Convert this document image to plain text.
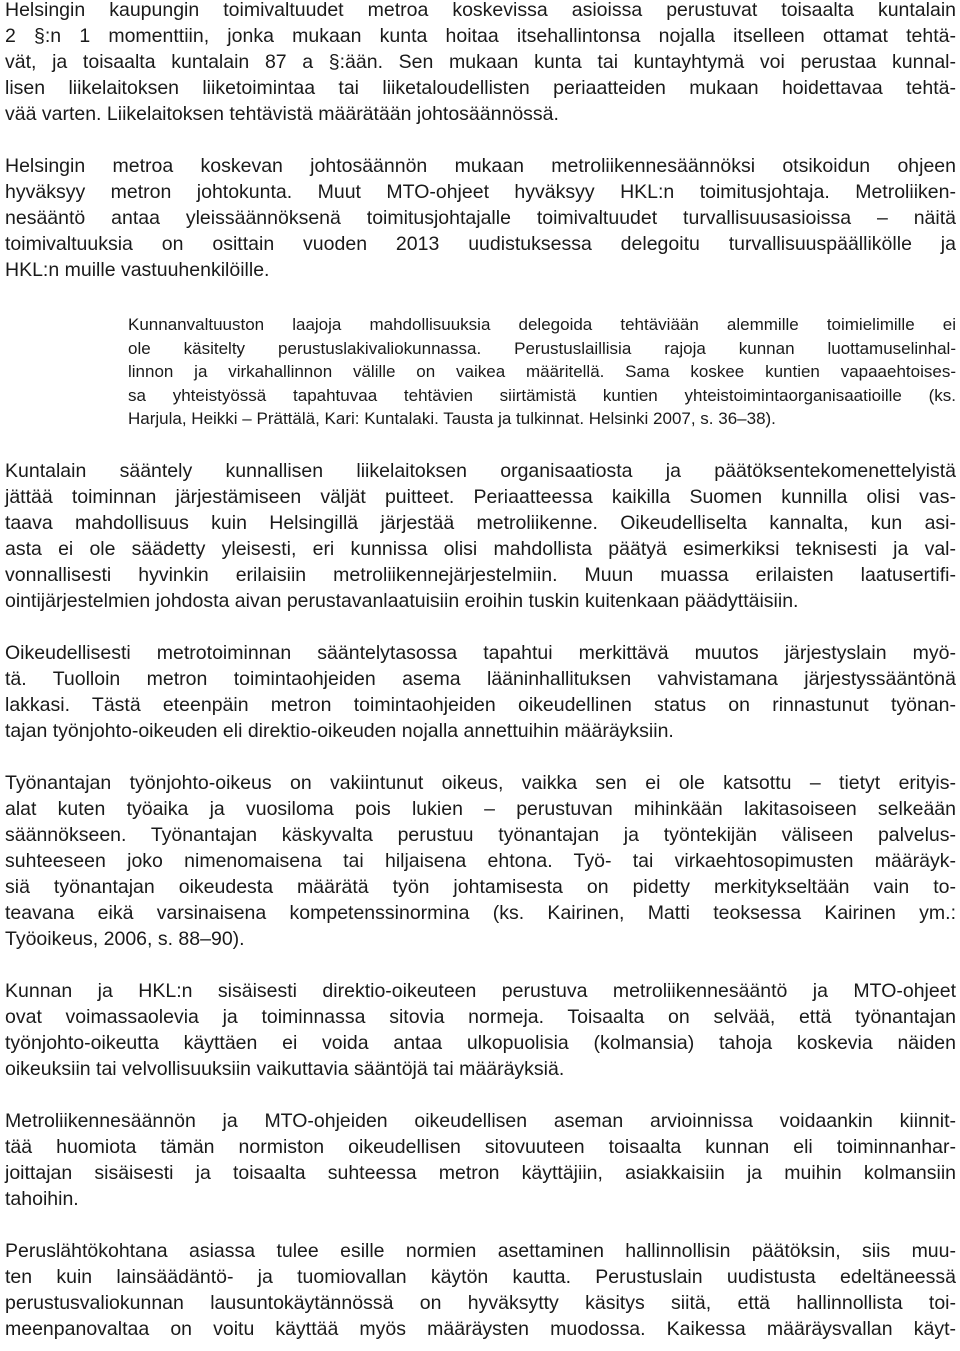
Helsingin kaupungin toimivaltuudet metroa koskevissa asioissa perustuvat toisaalta kuntalain
2 §:n 1 momenttiin, jonka mukaan kunta hoitaa itsehallintonsa nojalla itselleen ottamat tehtä-
vät, ja toisaalta kuntalain 87 a §:ään. Sen mukaan kunta tai kuntayhtymä voi perustaa kunnal-
lisen liikelaitoksen liiketoimintaa tai liiketaloudellisten periaatteiden mukaan hoidettavaa tehtä-
vää varten. Liikelaitoksen tehtävistä määrätään johtosäännössä.

Helsingin metroa koskevan johtosäännön mukaan metroliikennesäännöksi otsikoidun ohjeen
hyväksyy metron johtokunta. Muut MTO-ohjeet hyväksyy HKL:n toimitusjohtaja. Metroliiken-
nesääntö antaa yleissäännöksenä toimitusjohtajalle toimivaltuudet turvallisuusasioissa – näitä
toimivaltuuksia on osittain vuoden 2013 uudistuksessa delegoitu turvallisuuspäällikölle ja
HKL:n muille vastuuhenkilöille.

Kunnanvaltuuston laajoja mahdollisuuksia delegoida tehtäviään alemmille toimielimille ei
ole käsitelty perustuslakivaliokunnassa. Perustuslaillisia rajoja kunnan luottamuselinhal-
linnon ja virkahallinnon välille on vaikea määritellä. Sama koskee kuntien vapaaehtoises-
sa yhteistyössä tapahtuvaa tehtävien siirtämistä kuntien yhteistoimintaorganisaatioille (ks.
Harjula, Heikki – Prättälä, Kari: Kuntalaki. Tausta ja tulkinnat. Helsinki 2007, s. 36–38).

Kuntalain sääntely kunnallisen liikelaitoksen organisaatiosta ja päätöksentekomenettelyistä
jättää toiminnan järjestämiseen väljät puitteet. Periaatteessa kaikilla Suomen kunnilla olisi vas-
taava mahdollisuus kuin Helsingillä järjestää metroliikenne. Oikeudelliselta kannalta, kun asi-
asta ei ole säädetty yleisesti, eri kunnissa olisi mahdollista päätyä esimerkiksi teknisesti ja val-
vonnallisesti hyvinkin erilaisiin metroliikennejärjestelmiin. Muun muassa erilaisten laatusertifi-
ointijärjestelmien johdosta aivan perustavanlaatuisiin eroihin tuskin kuitenkaan päädyttäisiin.

Oikeudellisesti metrotoiminnan sääntelytasossa tapahtui merkittävä muutos järjestyslain myö-
tä. Tuolloin metron toimintaohjeiden asema lääninhallituksen vahvistamana järjestyssääntönä
lakkasi. Tästä eteenpäin metron toimintaohjeiden oikeudellinen status on rinnastunut työnan-
tajan työnjohto-oikeuden eli direktio-oikeuden nojalla annettuihin määräyksiin.

Työnantajan työnjohto-oikeus on vakiintunut oikeus, vaikka sen ei ole katsottu – tietyt erityis-
alat kuten työaika ja vuosiloma pois lukien – perustuvan mihinkään lakitasoiseen selkeään
säännökseen. Työnantajan käskyvalta perustuu työnantajan ja työntekijän väliseen palvelus-
suhteeseen joko nimenomaisena tai hiljaisena ehtona. Työ- tai virkaehtosopimusten määräyk-
siä työnantajan oikeudesta määrätä työn johtamisesta on pidetty merkitykseltään vain to-
teavana eikä varsinaisena kompetenssinormina (ks. Kairinen, Matti teoksessa Kairinen ym.:
Työoikeus, 2006, s. 88–90).

Kunnan ja HKL:n sisäisesti direktio-oikeuteen perustuva metroliikennesääntö ja MTO-ohjeet
ovat voimassaolevia ja toiminnassa sitovia normeja. Toisaalta on selvää, että työnantajan
työnjohto-oikeutta käyttäen ei voida antaa ulkopuolisia (kolmansia) tahoja koskevia näiden
oikeuksiin tai velvollisuuksiin vaikuttavia sääntöjä tai määräyksiä.

Metroliikennesäännön ja MTO-ohjeiden oikeudellisen aseman arvioinnissa voidaankin kiinnit-
tää huomiota tämän normiston oikeudellisen sitovuuteen toisaalta kunnan eli toiminnanhar-
joittajan sisäisesti ja toisaalta suhteessa metron käyttäjiin, asiakkaisiin ja muihin kolmansiin
tahoihin.

Peruslähtökohtana asiassa tulee esille normien asettaminen hallinnollisin päätöksin, siis muu-
ten kuin lainsäädäntö- ja tuomiovallan käytön kautta. Perustuslain uudistusta edeltäneessä
perustusvaliokunnan lausuntokäytännössä on hyväksytty käsitys siitä, että hallinnollista toi-
meenpanovaltaa on voitu käyttää myös määräysten muodossa. Kaikessa määräysvallan käyt-
